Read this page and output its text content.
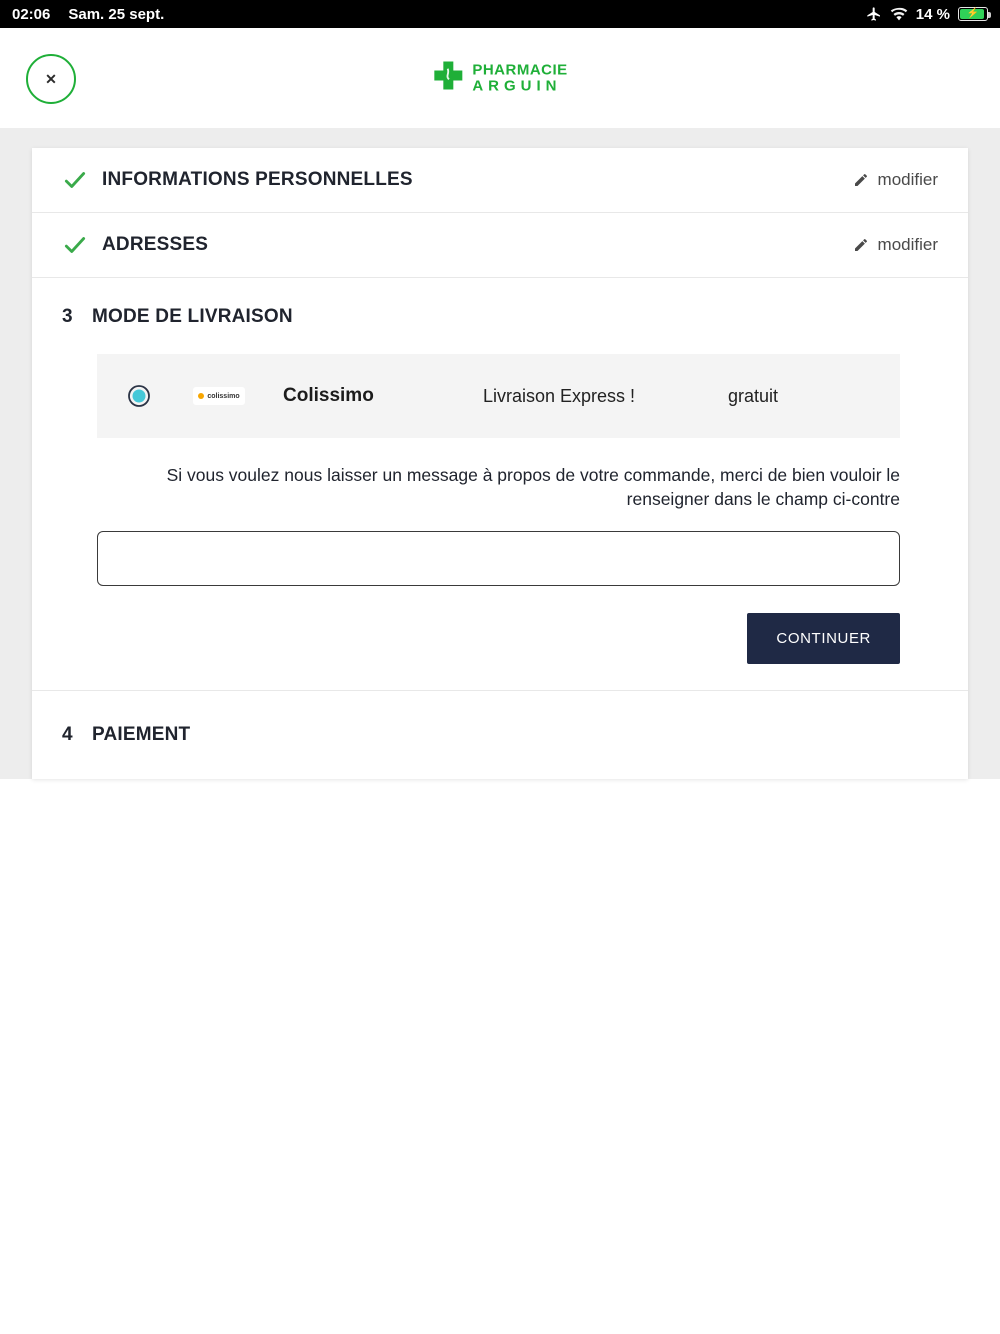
02:06 Sam. 25 sept.	14 %	⚡
✕
PHARMACIE
ARGUIN
INFORMATIONS PERSONNELLES	modifier
ADRESSES	modifier
3 MODE DE LIVRAISON
colissimo Colissimo	Livraison Express !	gratuit

Si vous voulez nous laisser un message à propos de votre commande, merci de bien vouloir le renseigner dans le champ ci-contre

CONTINUER
4 PAIEMENT
